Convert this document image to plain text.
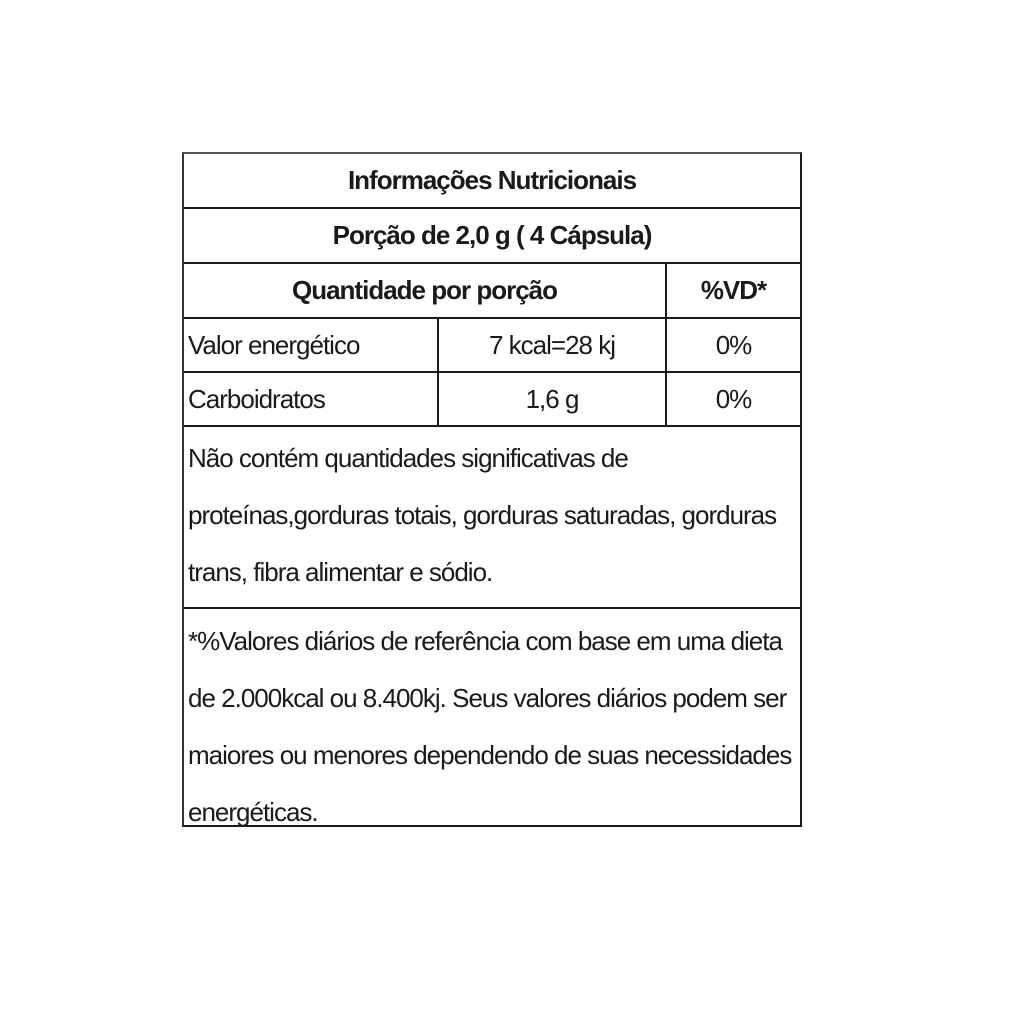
Informações Nutricionais
Porção de 2,0 g ( 4 Cápsula)
Quantidade por porção	%VD*
Valor energético	7 kcal=28 kj	0%
Carboidratos	1,6 g	0%
Não contém quantidades significativas de proteínas,gorduras totais, gorduras saturadas, gorduras trans, fibra alimentar e sódio.
*%Valores diários de referência com base em uma dieta de 2.000kcal ou 8.400kj. Seus valores diários podem ser maiores ou menores dependendo de suas necessidades energéticas.
